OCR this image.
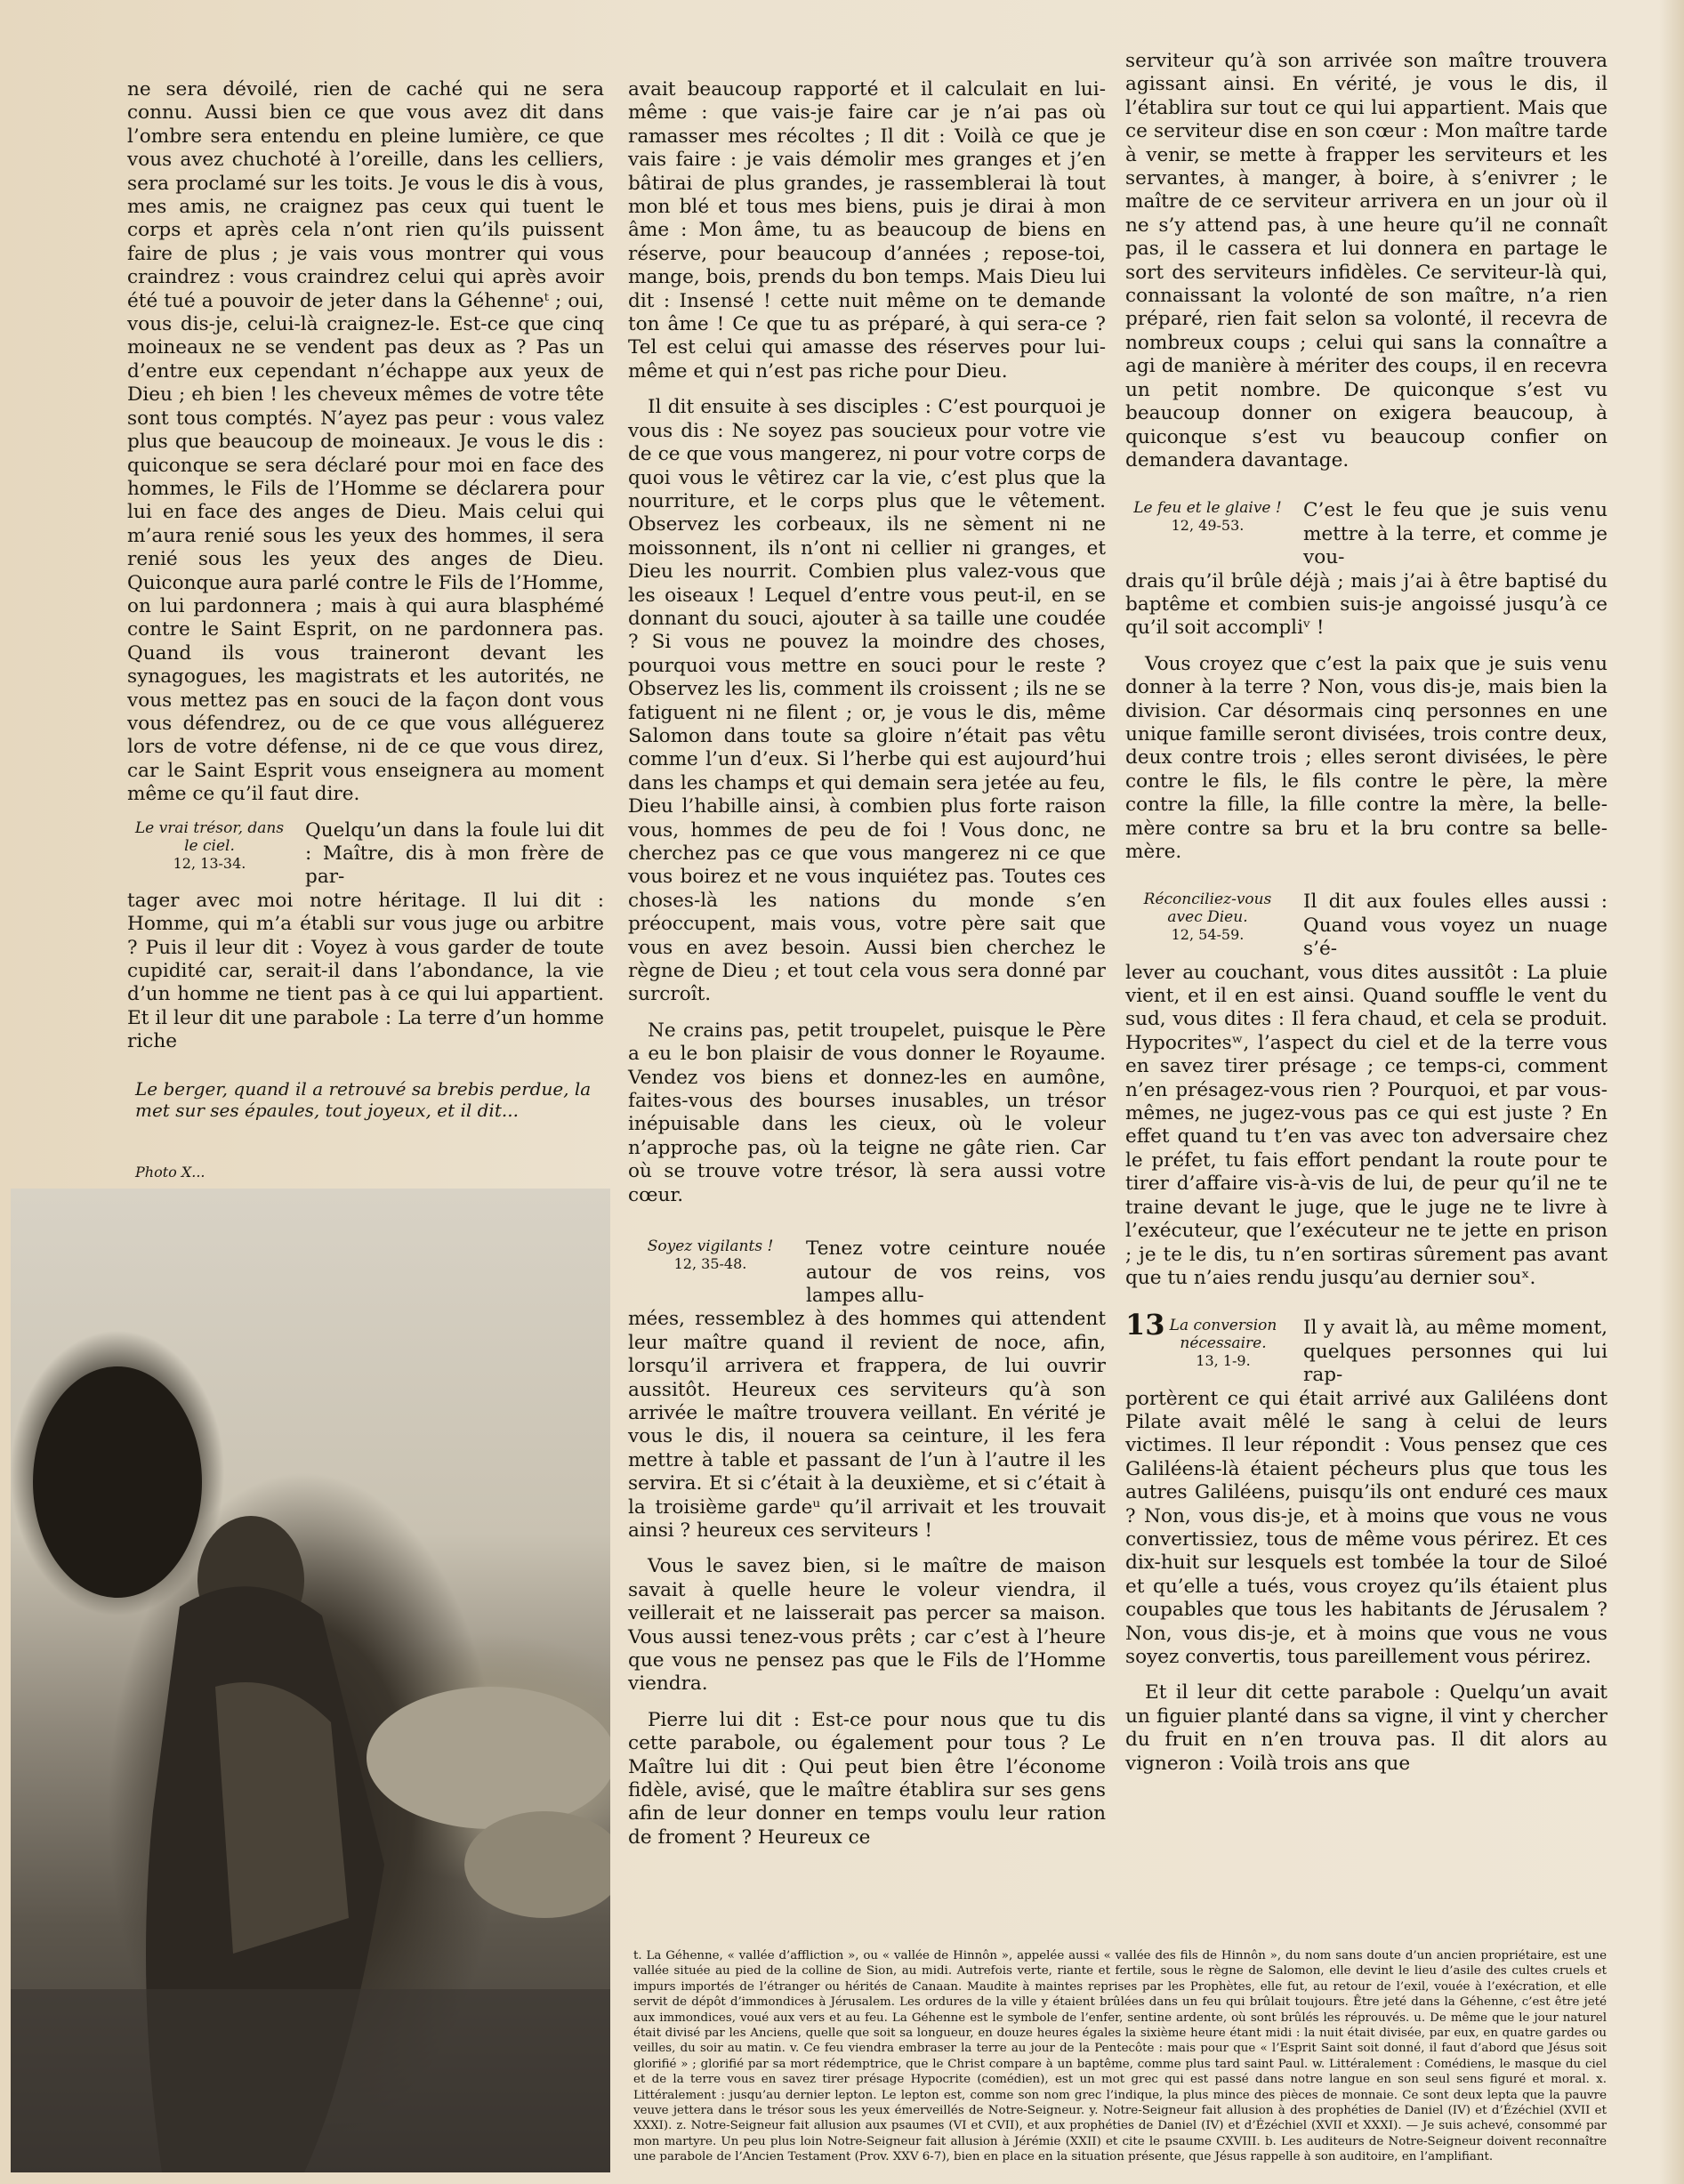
ne sera dévoilé, rien de caché qui ne sera connu. Aussi bien ce que vous avez dit dans l’ombre sera entendu en pleine lumière, ce que vous avez chuchoté à l’oreille, dans les celliers, sera proclamé sur les toits. Je vous le dis à vous, mes amis, ne craignez pas ceux qui tuent le corps et après cela n’ont rien qu’ils puissent faire de plus ; je vais vous montrer qui vous craindrez : vous craindrez celui qui après avoir été tué a pouvoir de jeter dans la Géhenneᵗ ; oui, vous dis-je, celui-là craignez-le. Est-ce que cinq moineaux ne se vendent pas deux as ? Pas un d’entre eux cependant n’échappe aux yeux de Dieu ; eh bien ! les cheveux mêmes de votre tête sont tous comptés. N’ayez pas peur : vous valez plus que beaucoup de moineaux. Je vous le dis : quiconque se sera déclaré pour moi en face des hommes, le Fils de l’Homme se déclarera pour lui en face des anges de Dieu. Mais celui qui m’aura renié sous les yeux des hommes, il sera renié sous les yeux des anges de Dieu. Quiconque aura parlé contre le Fils de l’Homme, on lui pardonnera ; mais à qui aura blasphémé contre le Saint Esprit, on ne pardonnera pas. Quand ils vous traineront devant les synagogues, les magistrats et les autorités, ne vous mettez pas en souci de la façon dont vous vous défendrez, ou de ce que vous alléguerez lors de votre défense, ni de ce que vous direz, car le Saint Esprit vous enseignera au moment même ce qu’il faut dire.

Le vrai trésor, dans le ciel.
12, 13-34.

Quelqu’un dans la foule lui dit : Maître, dis à mon frère de par-

tager avec moi notre héritage. Il lui dit : Homme, qui m’a établi sur vous juge ou arbitre ? Puis il leur dit : Voyez à vous garder de toute cupidité car, serait-il dans l’abondance, la vie d’un homme ne tient pas à ce qui lui appartient. Et il leur dit une parabole : La terre d’un homme riche

Le berger, quand il a retrouvé sa brebis perdue, la met sur ses épaules, tout joyeux, et il dit...
Photo X...

avait beaucoup rapporté et il calculait en lui-même : que vais-je faire car je n’ai pas où ramasser mes récoltes ; Il dit : Voilà ce que je vais faire : je vais démolir mes granges et j’en bâtirai de plus grandes, je rassemblerai là tout mon blé et tous mes biens, puis je dirai à mon âme : Mon âme, tu as beaucoup de biens en réserve, pour beaucoup d’années ; repose-toi, mange, bois, prends du bon temps. Mais Dieu lui dit : Insensé ! cette nuit même on te demande ton âme ! Ce que tu as préparé, à qui sera-ce ? Tel est celui qui amasse des réserves pour lui-même et qui n’est pas riche pour Dieu.

Il dit ensuite à ses disciples : C’est pourquoi je vous dis : Ne soyez pas soucieux pour votre vie de ce que vous mangerez, ni pour votre corps de quoi vous le vêtirez car la vie, c’est plus que la nourriture, et le corps plus que le vêtement. Observez les corbeaux, ils ne sèment ni ne moissonnent, ils n’ont ni cellier ni granges, et Dieu les nourrit. Combien plus valez-vous que les oiseaux ! Lequel d’entre vous peut-il, en se donnant du souci, ajouter à sa taille une coudée ? Si vous ne pouvez la moindre des choses, pourquoi vous mettre en souci pour le reste ? Observez les lis, comment ils croissent ; ils ne se fatiguent ni ne filent ; or, je vous le dis, même Salomon dans toute sa gloire n’était pas vêtu comme l’un d’eux. Si l’herbe qui est aujourd’hui dans les champs et qui demain sera jetée au feu, Dieu l’habille ainsi, à combien plus forte raison vous, hommes de peu de foi ! Vous donc, ne cherchez pas ce que vous mangerez ni ce que vous boirez et ne vous inquiétez pas. Toutes ces choses-là les nations du monde s’en préoccupent, mais vous, votre père sait que vous en avez besoin. Aussi bien cherchez le règne de Dieu ; et tout cela vous sera donné par surcroît.

Ne crains pas, petit troupelet, puisque le Père a eu le bon plaisir de vous donner le Royaume. Vendez vos biens et donnez-les en aumône, faites-vous des bourses inusables, un trésor inépuisable dans les cieux, où le voleur n’approche pas, où la teigne ne gâte rien. Car où se trouve votre trésor, là sera aussi votre cœur.

Soyez vigilants !
12, 35-48.

Tenez votre ceinture nouée autour de vos reins, vos lampes allu-

mées, ressemblez à des hommes qui attendent leur maître quand il revient de noce, afin, lorsqu’il arrivera et frappera, de lui ouvrir aussitôt. Heureux ces serviteurs qu’à son arrivée le maître trouvera veillant. En vérité je vous le dis, il nouera sa ceinture, il les fera mettre à table et passant de l’un à l’autre il les servira. Et si c’était à la deuxième, et si c’était à la troisième gardeᵘ qu’il arrivait et les trouvait ainsi ? heureux ces serviteurs !

Vous le savez bien, si le maître de maison savait à quelle heure le voleur viendra, il veillerait et ne laisserait pas percer sa maison. Vous aussi tenez-vous prêts ; car c’est à l’heure que vous ne pensez pas que le Fils de l’Homme viendra.

Pierre lui dit : Est-ce pour nous que tu dis cette parabole, ou également pour tous ? Le Maître lui dit : Qui peut bien être l’économe fidèle, avisé, que le maître établira sur ses gens afin de leur donner en temps voulu leur ration de froment ? Heureux ce

serviteur qu’à son arrivée son maître trouvera agissant ainsi. En vérité, je vous le dis, il l’établira sur tout ce qui lui appartient. Mais que ce serviteur dise en son cœur : Mon maître tarde à venir, se mette à frapper les serviteurs et les servantes, à manger, à boire, à s’enivrer ; le maître de ce serviteur arrivera en un jour où il ne s’y attend pas, à une heure qu’il ne connaît pas, il le cassera et lui donnera en partage le sort des serviteurs infidèles. Ce serviteur-là qui, connaissant la volonté de son maître, n’a rien préparé, rien fait selon sa volonté, il recevra de nombreux coups ; celui qui sans la connaître a agi de manière à mériter des coups, il en recevra un petit nombre. De quiconque s’est vu beaucoup donner on exigera beaucoup, à quiconque s’est vu beaucoup confier on demandera davantage.

Le feu et le glaive !
12, 49-53.

C’est le feu que je suis venu mettre à la terre, et comme je vou-

drais qu’il brûle déjà ; mais j’ai à être baptisé du baptême et combien suis-je angoissé jusqu’à ce qu’il soit accompliᵛ !

Vous croyez que c’est la paix que je suis venu donner à la terre ? Non, vous dis-je, mais bien la division. Car désormais cinq personnes en une unique famille seront divisées, trois contre deux, deux contre trois ; elles seront divisées, le père contre le fils, le fils contre le père, la mère contre la fille, la fille contre la mère, la belle-mère contre sa bru et la bru contre sa belle-mère.

Réconciliez-vous avec Dieu.
12, 54-59.

Il dit aux foules elles aussi : Quand vous voyez un nuage s’é-

lever au couchant, vous dites aussitôt : La pluie vient, et il en est ainsi. Quand souffle le vent du sud, vous dites : Il fera chaud, et cela se produit. Hypocritesʷ, l’aspect du ciel et de la terre vous en savez tirer présage ; ce temps-ci, comment n’en présagez-vous rien ? Pourquoi, et par vous-mêmes, ne jugez-vous pas ce qui est juste ? En effet quand tu t’en vas avec ton adversaire chez le préfet, tu fais effort pendant la route pour te tirer d’affaire vis-à-vis de lui, de peur qu’il ne te traine devant le juge, que le juge ne te livre à l’exécuteur, que l’exécuteur ne te jette en prison ; je te le dis, tu n’en sortiras sûrement pas avant que tu n’aies rendu jusqu’au dernier souˣ.

13 La conversion nécessaire.
13, 1-9.

Il y avait là, au même moment, quelques personnes qui lui rap-

portèrent ce qui était arrivé aux Galiléens dont Pilate avait mêlé le sang à celui de leurs victimes. Il leur répondit : Vous pensez que ces Galiléens-là étaient pécheurs plus que tous les autres Galiléens, puisqu’ils ont enduré ces maux ? Non, vous dis-je, et à moins que vous ne vous convertissiez, tous de même vous périrez. Et ces dix-huit sur lesquels est tombée la tour de Siloé et qu’elle a tués, vous croyez qu’ils étaient plus coupables que tous les habitants de Jérusalem ? Non, vous dis-je, et à moins que vous ne vous soyez convertis, tous pareillement vous périrez.

Et il leur dit cette parabole : Quelqu’un avait un figuier planté dans sa vigne, il vint y chercher du fruit en n’en trouva pas. Il dit alors au vigneron : Voilà trois ans que

t. La Géhenne, « vallée d’affliction », ou « vallée de Hinnôn », appelée aussi « vallée des fils de Hinnôn », du nom sans doute d’un ancien propriétaire, est une vallée située au pied de la colline de Sion, au midi. Autrefois verte, riante et fertile, sous le règne de Salomon, elle devint le lieu d’asile des cultes cruels et impurs importés de l’étranger ou hérités de Canaan. Maudite à maintes reprises par les Prophètes, elle fut, au retour de l’exil, vouée à l’exécration, et elle servit de dépôt d’immondices à Jérusalem. Les ordures de la ville y étaient brûlées dans un feu qui brûlait toujours. Être jeté dans la Géhenne, c’est être jeté aux immondices, voué aux vers et au feu. La Géhenne est le symbole de l’enfer, sentine ardente, où sont brûlés les réprouvés. u. De même que le jour naturel était divisé par les Anciens, quelle que soit sa longueur, en douze heures égales la sixième heure étant midi : la nuit était divisée, par eux, en quatre gardes ou veilles, du soir au matin. v. Ce feu viendra embraser la terre au jour de la Pentecôte : mais pour que « l’Esprit Saint soit donné, il faut d’abord que Jésus soit glorifié » ; glorifié par sa mort rédemptrice, que le Christ compare à un baptême, comme plus tard saint Paul. w. Littéralement : Comédiens, le masque du ciel et de la terre vous en savez tirer présage Hypocrite (comédien), est un mot grec qui est passé dans notre langue en son seul sens figuré et moral. x. Littéralement : jusqu’au dernier lepton. Le lepton est, comme son nom grec l’indique, la plus mince des pièces de monnaie. Ce sont deux lepta que la pauvre veuve jettera dans le trésor sous les yeux émerveillés de Notre-Seigneur. y. Notre-Seigneur fait allusion à des prophéties de Daniel (IV) et d’Ézéchiel (XVII et XXXI). z. Notre-Seigneur fait allusion aux psaumes (VI et CVII), et aux prophéties de Daniel (IV) et d’Ézéchiel (XVII et XXXI). — Je suis achevé, consommé par mon martyre. Un peu plus loin Notre-Seigneur fait allusion à Jérémie (XXII) et cite le psaume CXVIII. b. Les auditeurs de Notre-Seigneur doivent reconnaître une parabole de l’Ancien Testament (Prov. XXV 6-7), bien en place en la situation présente, que Jésus rappelle à son auditoire, en l’amplifiant.
